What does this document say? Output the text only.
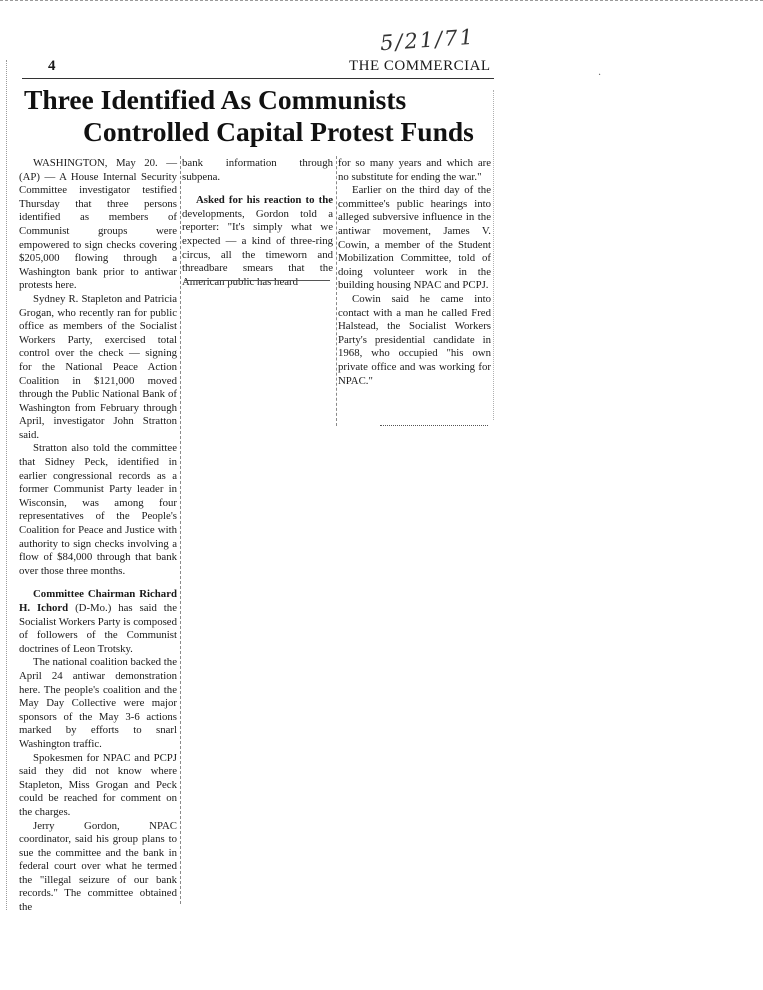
·
5/21/71
4	THE COMMERCIAL
Three Identified As Communists
Controlled Capital Protest Funds

WASHINGTON, May 20. — (AP) — A House Internal Security Committee investigator testified Thursday that three persons identified as members of Communist groups were empowered to sign checks covering $205,000 flowing through a Washington bank prior to antiwar protests here.

Sydney R. Stapleton and Patricia Grogan, who recently ran for public office as members of the Socialist Workers Party, exercised total control over the check — signing for the National Peace Action Coalition in $121,000 moved through the Public National Bank of Washington from February through April, investigator John Stratton said.

Stratton also told the committee that Sidney Peck, identified in earlier congressional records as a former Communist Party leader in Wisconsin, was among four representatives of the People's Coalition for Peace and Justice with authority to sign checks involving a flow of $84,000 through that bank over those three months.

Committee Chairman Richard H. Ichord (D-Mo.) has said the Socialist Workers Party is composed of followers of the Communist doctrines of Leon Trotsky.

The national coalition backed the April 24 antiwar demonstration here. The people's coalition and the May Day Collective were major sponsors of the May 3-6 actions marked by efforts to snarl Washington traffic.

Spokesmen for NPAC and PCPJ said they did not know where Stapleton, Miss Grogan and Peck could be reached for comment on the charges.

Jerry Gordon, NPAC coordinator, said his group plans to sue the committee and the bank in federal court over what he termed the "illegal seizure of our bank records." The committee obtained the

bank information through subpena.

Asked for his reaction to the developments, Gordon told a reporter: "It's simply what we expected — a kind of three-ring circus, all the timeworn and threadbare smears that the American public has heard

for so many years and which are no substitute for ending the war."

Earlier on the third day of the committee's public hearings into alleged subversive influence in the antiwar movement, James V. Cowin, a member of the Student Mobilization Committee, told of doing volunteer work in the building housing NPAC and PCPJ.

Cowin said he came into contact with a man he called Fred Halstead, the Socialist Workers Party's presidential candidate in 1968, who occupied "his own private office and was working for NPAC."
